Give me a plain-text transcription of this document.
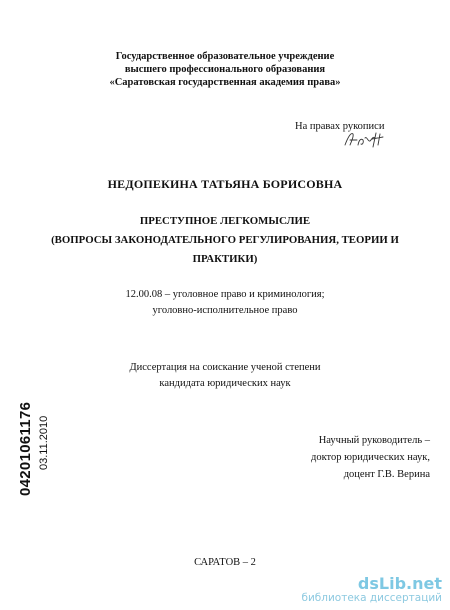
Государственное образовательное учреждение
высшего профессионального образования
«Саратовская государственная академия права»
На правах рукописи
НЕДОПЕКИНА ТАТЬЯНА БОРИСОВНА
ПРЕСТУПНОЕ ЛЕГКОМЫСЛИЕ
(ВОПРОСЫ ЗАКОНОДАТЕЛЬНОГО РЕГУЛИРОВАНИЯ, ТЕОРИИ И
ПРАКТИКИ)
12.00.08 – уголовное право и криминология;
уголовно-исполнительное право
Диссертация на соискание ученой степени
кандидата юридических наук
Научный руководитель –
доктор юридических наук,
доцент Г.В. Верина
САРАТОВ – 2
04201061176 03.11.2010
dsLib.net
библиотека диссертаций
